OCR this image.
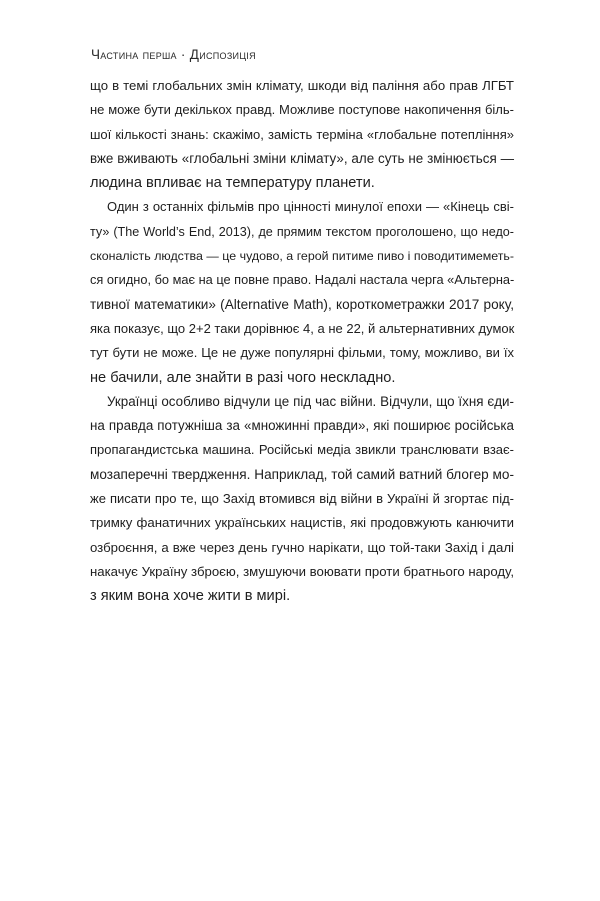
Частина перша · Диспозиція
що в темі глобальних змін клімату, шкоди від паління або прав ЛГБТ
не може бути декількох правд. Можливе поступове накопичення біль-
шої кількості знань: скажімо, замість терміна «глобальне потепління»
вже вживають «глобальні зміни клімату», але суть не змінюється —
людина впливає на температуру планети.
Один з останніх фільмів про цінності минулої епохи — «Кінець сві-
ту» (The World’s End, 2013), де прямим текстом проголошено, що недо-
сконалість людства — це чудово, а герой питиме пиво і поводитимеметь-
ся огидно, бо має на це повне право. Надалі настала черга «Альтерна-
тивної математики» (Alternative Math), короткометражки 2017 року,
яка показує, що 2+2 таки дорівнює 4, а не 22, й альтернативних думок
тут бути не може. Це не дуже популярні фільми, тому, можливо, ви їх
не бачили, але знайти в разі чого нескладно.
Українці особливо відчули це під час війни. Відчули, що їхня єди-
на правда потужніша за «множинні правди», які поширює російська
пропагандистська машина. Російські медіа звикли транслювати взає-
мозаперечні твердження. Наприклад, той самий ватний блогер мо-
же писати про те, що Захід втомився від війни в Україні й згортає під-
тримку фанатичних українських нацистів, які продовжують канючити
озброєння, а вже через день гучно нарікати, що той-таки Захід і далі
накачує Україну зброєю, змушуючи воювати проти братнього народу,
з яким вона хоче жити в мирі.
